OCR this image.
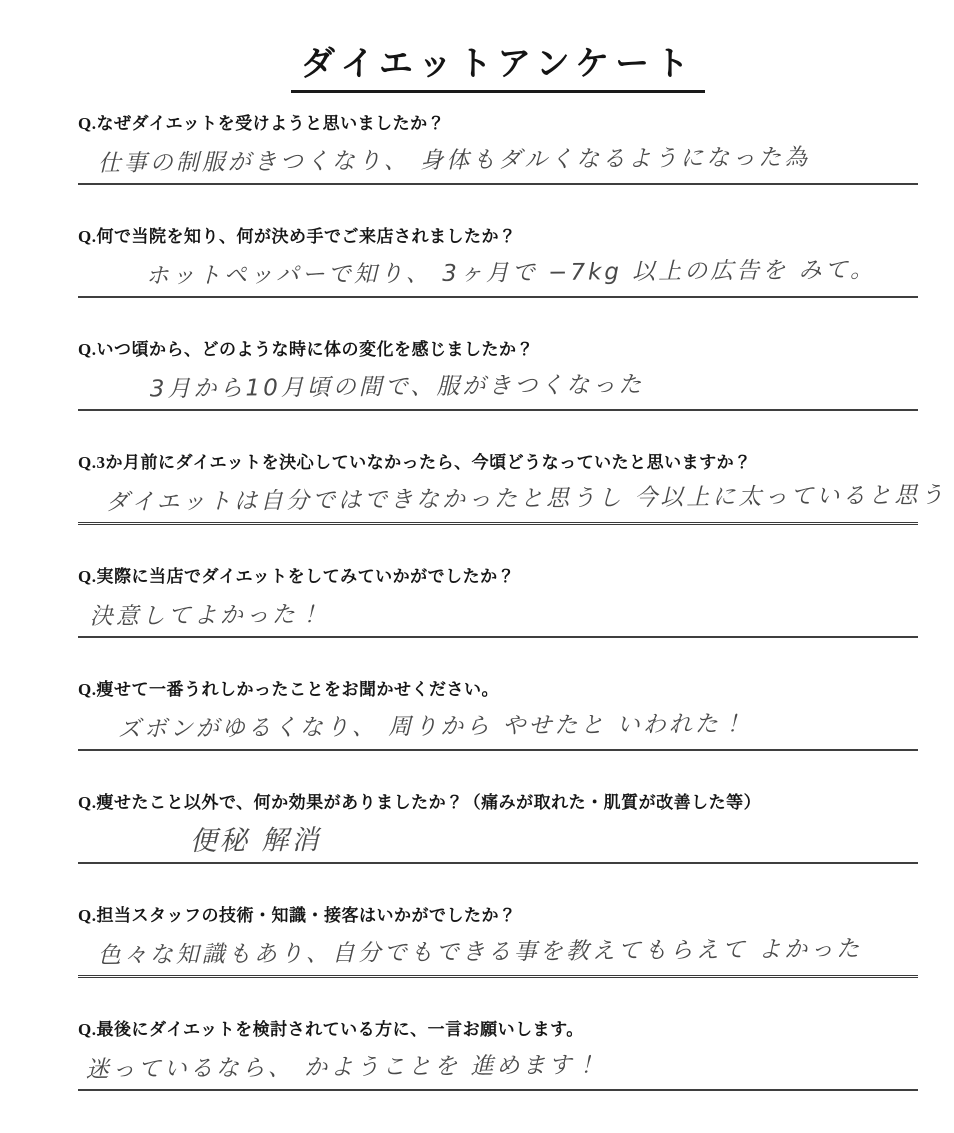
ダイエットアンケート

Q.なぜダイエットを受けようと思いましたか？

仕事の制服がきつくなり、 身体もダルくなるようになった為

Q.何で当院を知り、何が決め手でご来店されましたか？

ホットペッパーで知り、 3ヶ月で −7kg 以上の広告を みて。

Q.いつ頃から、どのような時に体の変化を感じましたか？

3月から10月頃の間で、服がきつくなった

Q.3か月前にダイエットを決心していなかったら、今頃どうなっていたと思いますか？

ダイエットは自分ではできなかったと思うし 今以上に太っていると思う

Q.実際に当店でダイエットをしてみていかがでしたか？

決意してよかった！

Q.痩せて一番うれしかったことをお聞かせください。

ズボンがゆるくなり、 周りから やせたと いわれた！

Q.痩せたこと以外で、何か効果がありましたか？（痛みが取れた・肌質が改善した等）

便秘 解消

Q.担当スタッフの技術・知識・接客はいかがでしたか？

色々な知識もあり、自分でもできる事を教えてもらえて よかった

Q.最後にダイエットを検討されている方に、一言お願いします。

迷っているなら、 かようことを 進めます！
